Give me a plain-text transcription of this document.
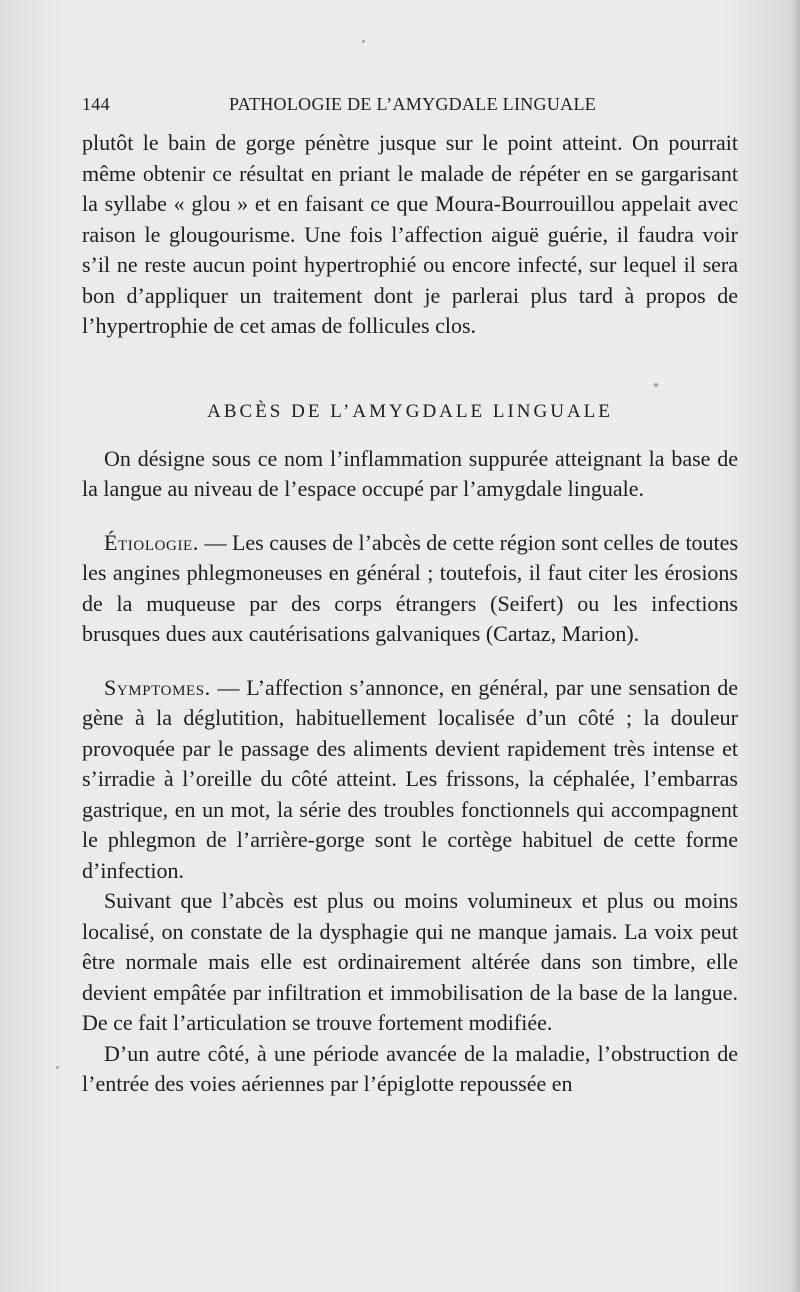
144	PATHOLOGIE DE L’AMYGDALE LINGUALE

plutôt le bain de gorge pénètre jusque sur le point atteint. On pourrait même obtenir ce résultat en priant le malade de répéter en se gargarisant la syllabe « glou » et en faisant ce que Moura-Bourrouillou appelait avec raison le glougourisme. Une fois l’affection aiguë guérie, il faudra voir s’il ne reste aucun point hypertrophié ou encore infecté, sur lequel il sera bon d’appliquer un traitement dont je parlerai plus tard à propos de l’hypertrophie de cet amas de follicules clos.

ABCÈS DE L’AMYGDALE LINGUALE

On désigne sous ce nom l’inflammation suppurée atteignant la base de la langue au niveau de l’espace occupé par l’amygdale linguale.

Étiologie. — Les causes de l’abcès de cette région sont celles de toutes les angines phlegmoneuses en général ; toutefois, il faut citer les érosions de la muqueuse par des corps étrangers (Seifert) ou les infections brusques dues aux cautérisations galvaniques (Cartaz, Marion).

Symptomes. — L’affection s’annonce, en général, par une sensation de gène à la déglutition, habituellement localisée d’un côté ; la douleur provoquée par le passage des aliments devient rapidement très intense et s’irradie à l’oreille du côté atteint. Les frissons, la céphalée, l’embarras gastrique, en un mot, la série des troubles fonctionnels qui accompagnent le phlegmon de l’arrière-gorge sont le cortège habituel de cette forme d’infection.

Suivant que l’abcès est plus ou moins volumineux et plus ou moins localisé, on constate de la dysphagie qui ne manque jamais. La voix peut être normale mais elle est ordinairement altérée dans son timbre, elle devient empâtée par infiltration et immobilisation de la base de la langue. De ce fait l’articulation se trouve fortement modifiée.

D’un autre côté, à une période avancée de la maladie, l’obstruction de l’entrée des voies aériennes par l’épiglotte repoussée en
